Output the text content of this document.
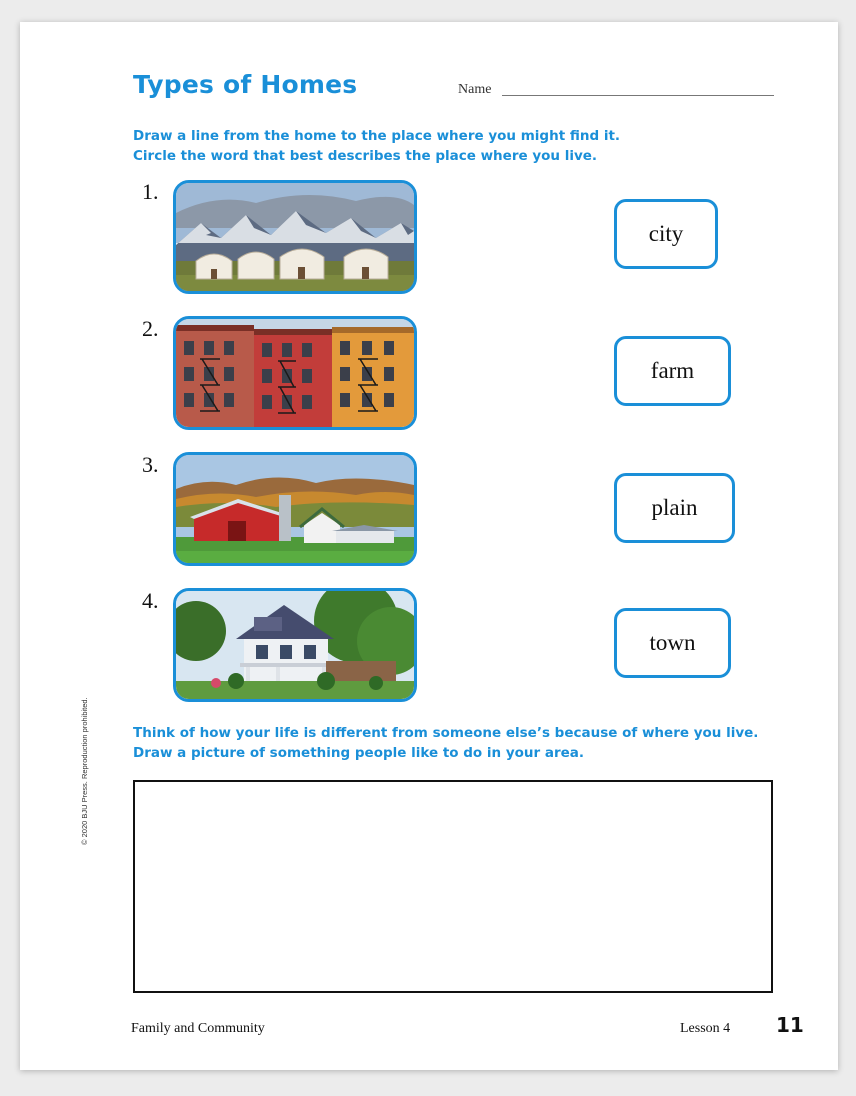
Types of Homes	Name
Draw a line from the home to the place where you might find it.
Circle the word that best describes the place where you live.
1.
2.
3.
4.
city
farm
plain
town
Think of how your life is different from someone else’s because of where you live.
Draw a picture of something people like to do in your area.
Family and Community	Lesson 4 11
© 2020 BJU Press. Reproduction prohibited.
